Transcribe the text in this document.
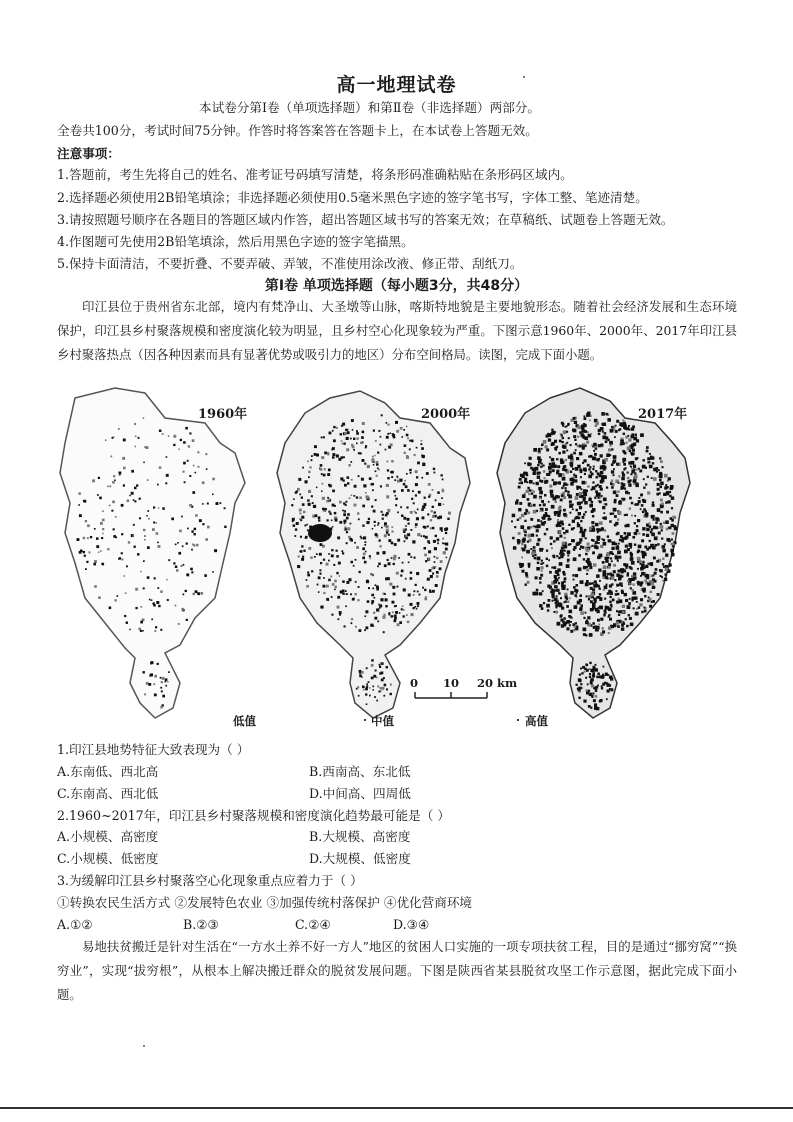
高一地理试卷
本试卷分第Ⅰ卷（单项选择题）和第Ⅱ卷（非选择题）两部分。
全卷共100分，考试时间75分钟。作答时将答案答在答题卡上，在本试卷上答题无效。
注意事项：
1.答题前，考生先将自己的姓名、准考证号码填写清楚，将条形码准确粘贴在条形码区域内。
2.选择题必须使用2B铅笔填涂；非选择题必须使用0.5毫米黑色字迹的签字笔书写，字体工整、笔迹清楚。
3.请按照题号顺序在各题目的答题区域内作答，超出答题区域书写的答案无效；在草稿纸、试题卷上答题无效。
4.作图题可先使用2B铅笔填涂，然后用黑色字迹的签字笔描黑。
5.保持卡面清洁，不要折叠、不要弄破、弄皱，不准使用涂改液、修正带、刮纸刀。
第Ⅰ卷 单项选择题（每小题3分，共48分）
印江县位于贵州省东北部，境内有梵净山、大圣墩等山脉，喀斯特地貌是主要地貌形态。随着社会经济发展和生态环境保护，印江县乡村聚落规模和密度演化较为明显，且乡村空心化现象较为严重。下图示意1960年、2000年、2017年印江县乡村聚落热点（因各种因素而具有显著优势或吸引力的地区）分布空间格局。读图，完成下面小题。
1960年	2000年	2017年
0 10 20 km
低值	· 中值	· 高值
1.印江县地势特征大致表现为（ ）
A.东南低、西北高	B.西南高、东北低
C.东南高、西北低	D.中间高、四周低
2.1960~2017年，印江县乡村聚落规模和密度演化趋势最可能是（ ）
A.小规模、高密度	B.大规模、高密度
C.小规模、低密度	D.大规模、低密度
3.为缓解印江县乡村聚落空心化现象重点应着力于（ ）
①转换农民生活方式 ②发展特色农业 ③加强传统村落保护 ④优化营商环境
A.①②	B.②③	C.②④	D.③④
易地扶贫搬迁是针对生活在“一方水土养不好一方人”地区的贫困人口实施的一项专项扶贫工程，目的是通过“挪穷窝”“换穷业”，实现“拔穷根”，从根本上解决搬迁群众的脱贫发展问题。下图是陕西省某县脱贫攻坚工作示意图，据此完成下面小题。
